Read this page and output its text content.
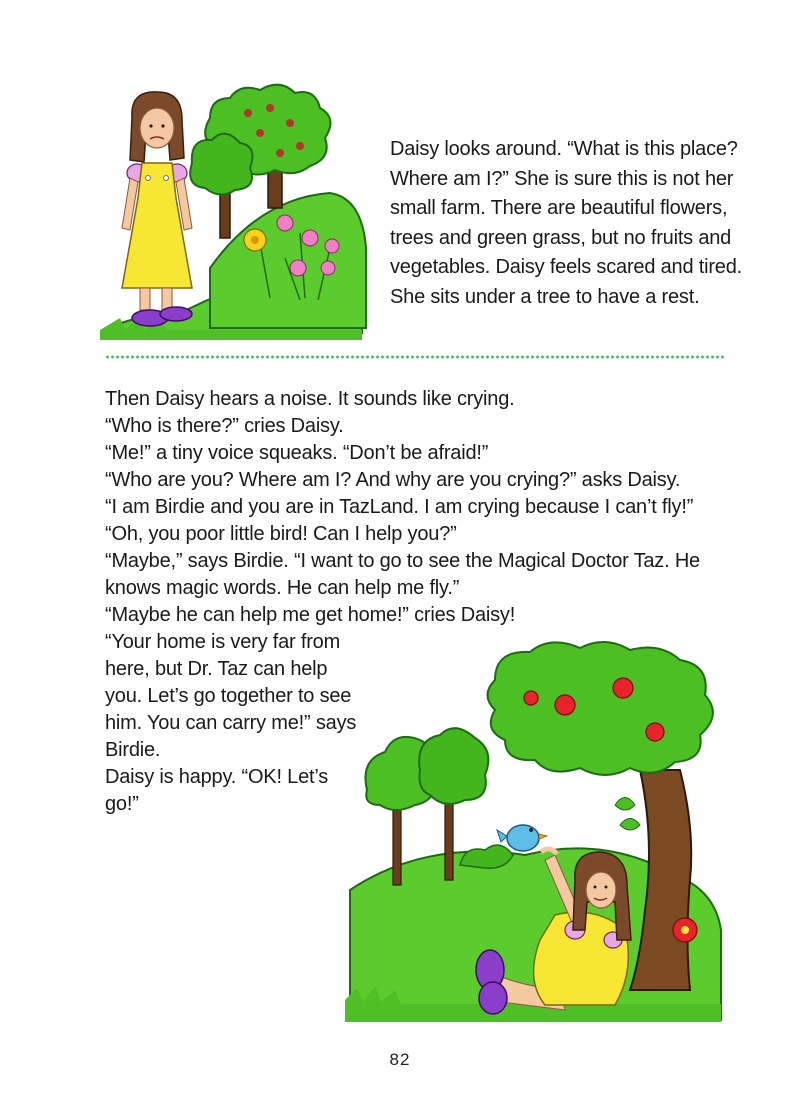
Daisy looks around. “What is this place?
Where am I?” She is sure this is not her
small farm. There are beautiful flowers,
trees and green grass, but no fruits and
vegetables. Daisy feels scared and tired.
She sits under a tree to have a rest.
Then Daisy hears a noise. It sounds like crying.
“Who is there?” cries Daisy.
“Me!” a tiny voice squeaks. “Don’t be afraid!”
“Who are you? Where am I? And why are you crying?” asks Daisy.
“I am Birdie and you are in TazLand. I am crying because I can’t fly!”
“Oh, you poor little bird! Can I help you?”
“Maybe,” says Birdie. “I want to go to see the Magical Doctor Taz. He
knows magic words. He can help me fly.”
“Maybe he can help me get home!” cries Daisy!
“Your home is very far from
here, but Dr. Taz can help
you. Let’s go together to see
him. You can carry me!” says
Birdie.
Daisy is happy. “OK! Let’s
go!”
82
